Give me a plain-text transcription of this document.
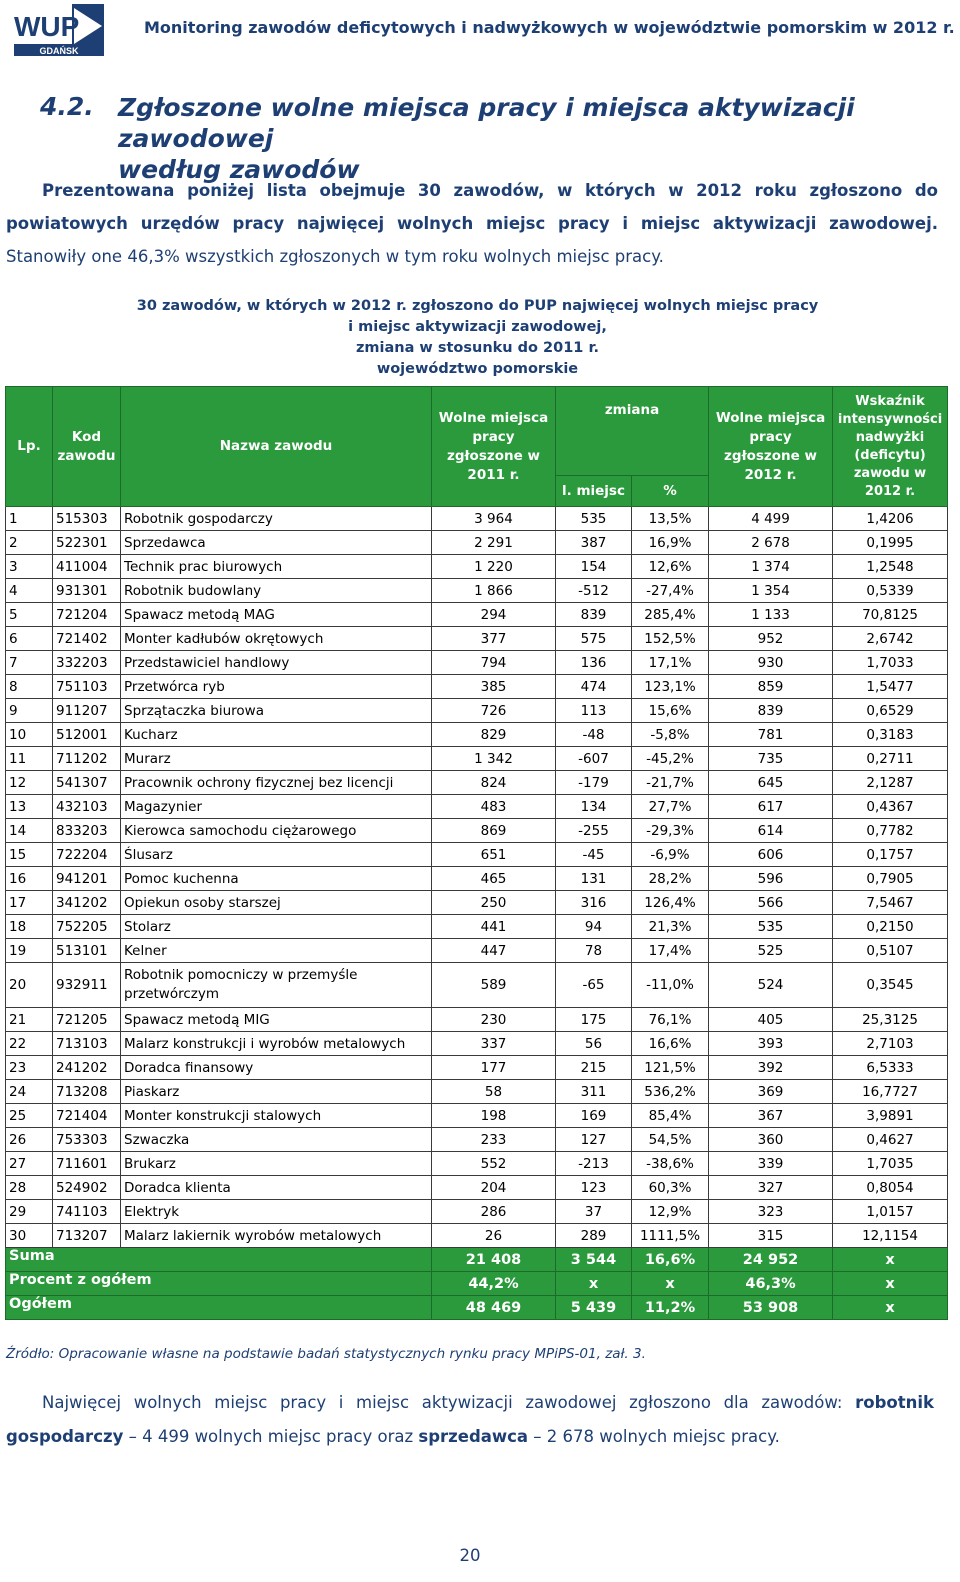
WUP
GDAŃSK
Monitoring zawodów deficytowych i nadwyżkowych w województwie pomorskim w 2012 r.
4.2. Zgłoszone wolne miejsca pracy i miejsca aktywizacji zawodowej
według zawodów
Prezentowana poniżej lista obejmuje 30 zawodów, w których w 2012 roku zgłoszono do
powiatowych urzędów pracy najwięcej wolnych miejsc pracy i miejsc aktywizacji zawodowej.
Stanowiły one 46,3% wszystkich zgłoszonych w tym roku wolnych miejsc pracy.
30 zawodów, w których w 2012 r. zgłoszono do PUP najwięcej wolnych miejsc pracy
i miejsc aktywizacji zawodowej,
zmiana w stosunku do 2011 r.
województwo pomorskie
Lp.	Kod zawodu	Nazwa zawodu	Wolne miejsca pracy zgłoszone w 2011 r.	zmiana		Wolne miejsca pracy zgłoszone w 2012 r.	Wskaźnik intensywności nadwyżki (deficytu) zawodu w 2012 r.
				l. miejsc	%		
1	515303	Robotnik gospodarczy	3 964	535	13,5%	4 499	1,4206
2	522301	Sprzedawca	2 291	387	16,9%	2 678	0,1995
3	411004	Technik prac biurowych	1 220	154	12,6%	1 374	1,2548
4	931301	Robotnik budowlany	1 866	-512	-27,4%	1 354	0,5339
5	721204	Spawacz metodą MAG	294	839	285,4%	1 133	70,8125
6	721402	Monter kadłubów okrętowych	377	575	152,5%	952	2,6742
7	332203	Przedstawiciel handlowy	794	136	17,1%	930	1,7033
8	751103	Przetwórca ryb	385	474	123,1%	859	1,5477
9	911207	Sprzątaczka biurowa	726	113	15,6%	839	0,6529
10	512001	Kucharz	829	-48	-5,8%	781	0,3183
11	711202	Murarz	1 342	-607	-45,2%	735	0,2711
12	541307	Pracownik ochrony fizycznej bez licencji	824	-179	-21,7%	645	2,1287
13	432103	Magazynier	483	134	27,7%	617	0,4367
14	833203	Kierowca samochodu ciężarowego	869	-255	-29,3%	614	0,7782
15	722204	Ślusarz	651	-45	-6,9%	606	0,1757
16	941201	Pomoc kuchenna	465	131	28,2%	596	0,7905
17	341202	Opiekun osoby starszej	250	316	126,4%	566	7,5467
18	752205	Stolarz	441	94	21,3%	535	0,2150
19	513101	Kelner	447	78	17,4%	525	0,5107
20	932911	Robotnik pomocniczy w przemyśle przetwórczym	589	-65	-11,0%	524	0,3545
21	721205	Spawacz metodą MIG	230	175	76,1%	405	25,3125
22	713103	Malarz konstrukcji i wyrobów metalowych	337	56	16,6%	393	2,7103
23	241202	Doradca finansowy	177	215	121,5%	392	6,5333
24	713208	Piaskarz	58	311	536,2%	369	16,7727
25	721404	Monter konstrukcji stalowych	198	169	85,4%	367	3,9891
26	753303	Szwaczka	233	127	54,5%	360	0,4627
27	711601	Brukarz	552	-213	-38,6%	339	1,7035
28	524902	Doradca klienta	204	123	60,3%	327	0,8054
29	741103	Elektryk	286	37	12,9%	323	1,0157
30	713207	Malarz lakiernik wyrobów metalowych	26	289	1111,5%	315	12,1154
Suma			21 408	3 544	16,6%	24 952	x
Procent z ogółem			44,2%	x	x	46,3%	x
Ogółem			48 469	5 439	11,2%	53 908	x
Źródło: Opracowanie własne na podstawie badań statystycznych rynku pracy MPiPS-01, zał. 3.
Najwięcej wolnych miejsc pracy i miejsc aktywizacji zawodowej zgłoszono dla zawodów: robotnik
gospodarczy – 4 499 wolnych miejsc pracy oraz sprzedawca – 2 678 wolnych miejsc pracy.
20
